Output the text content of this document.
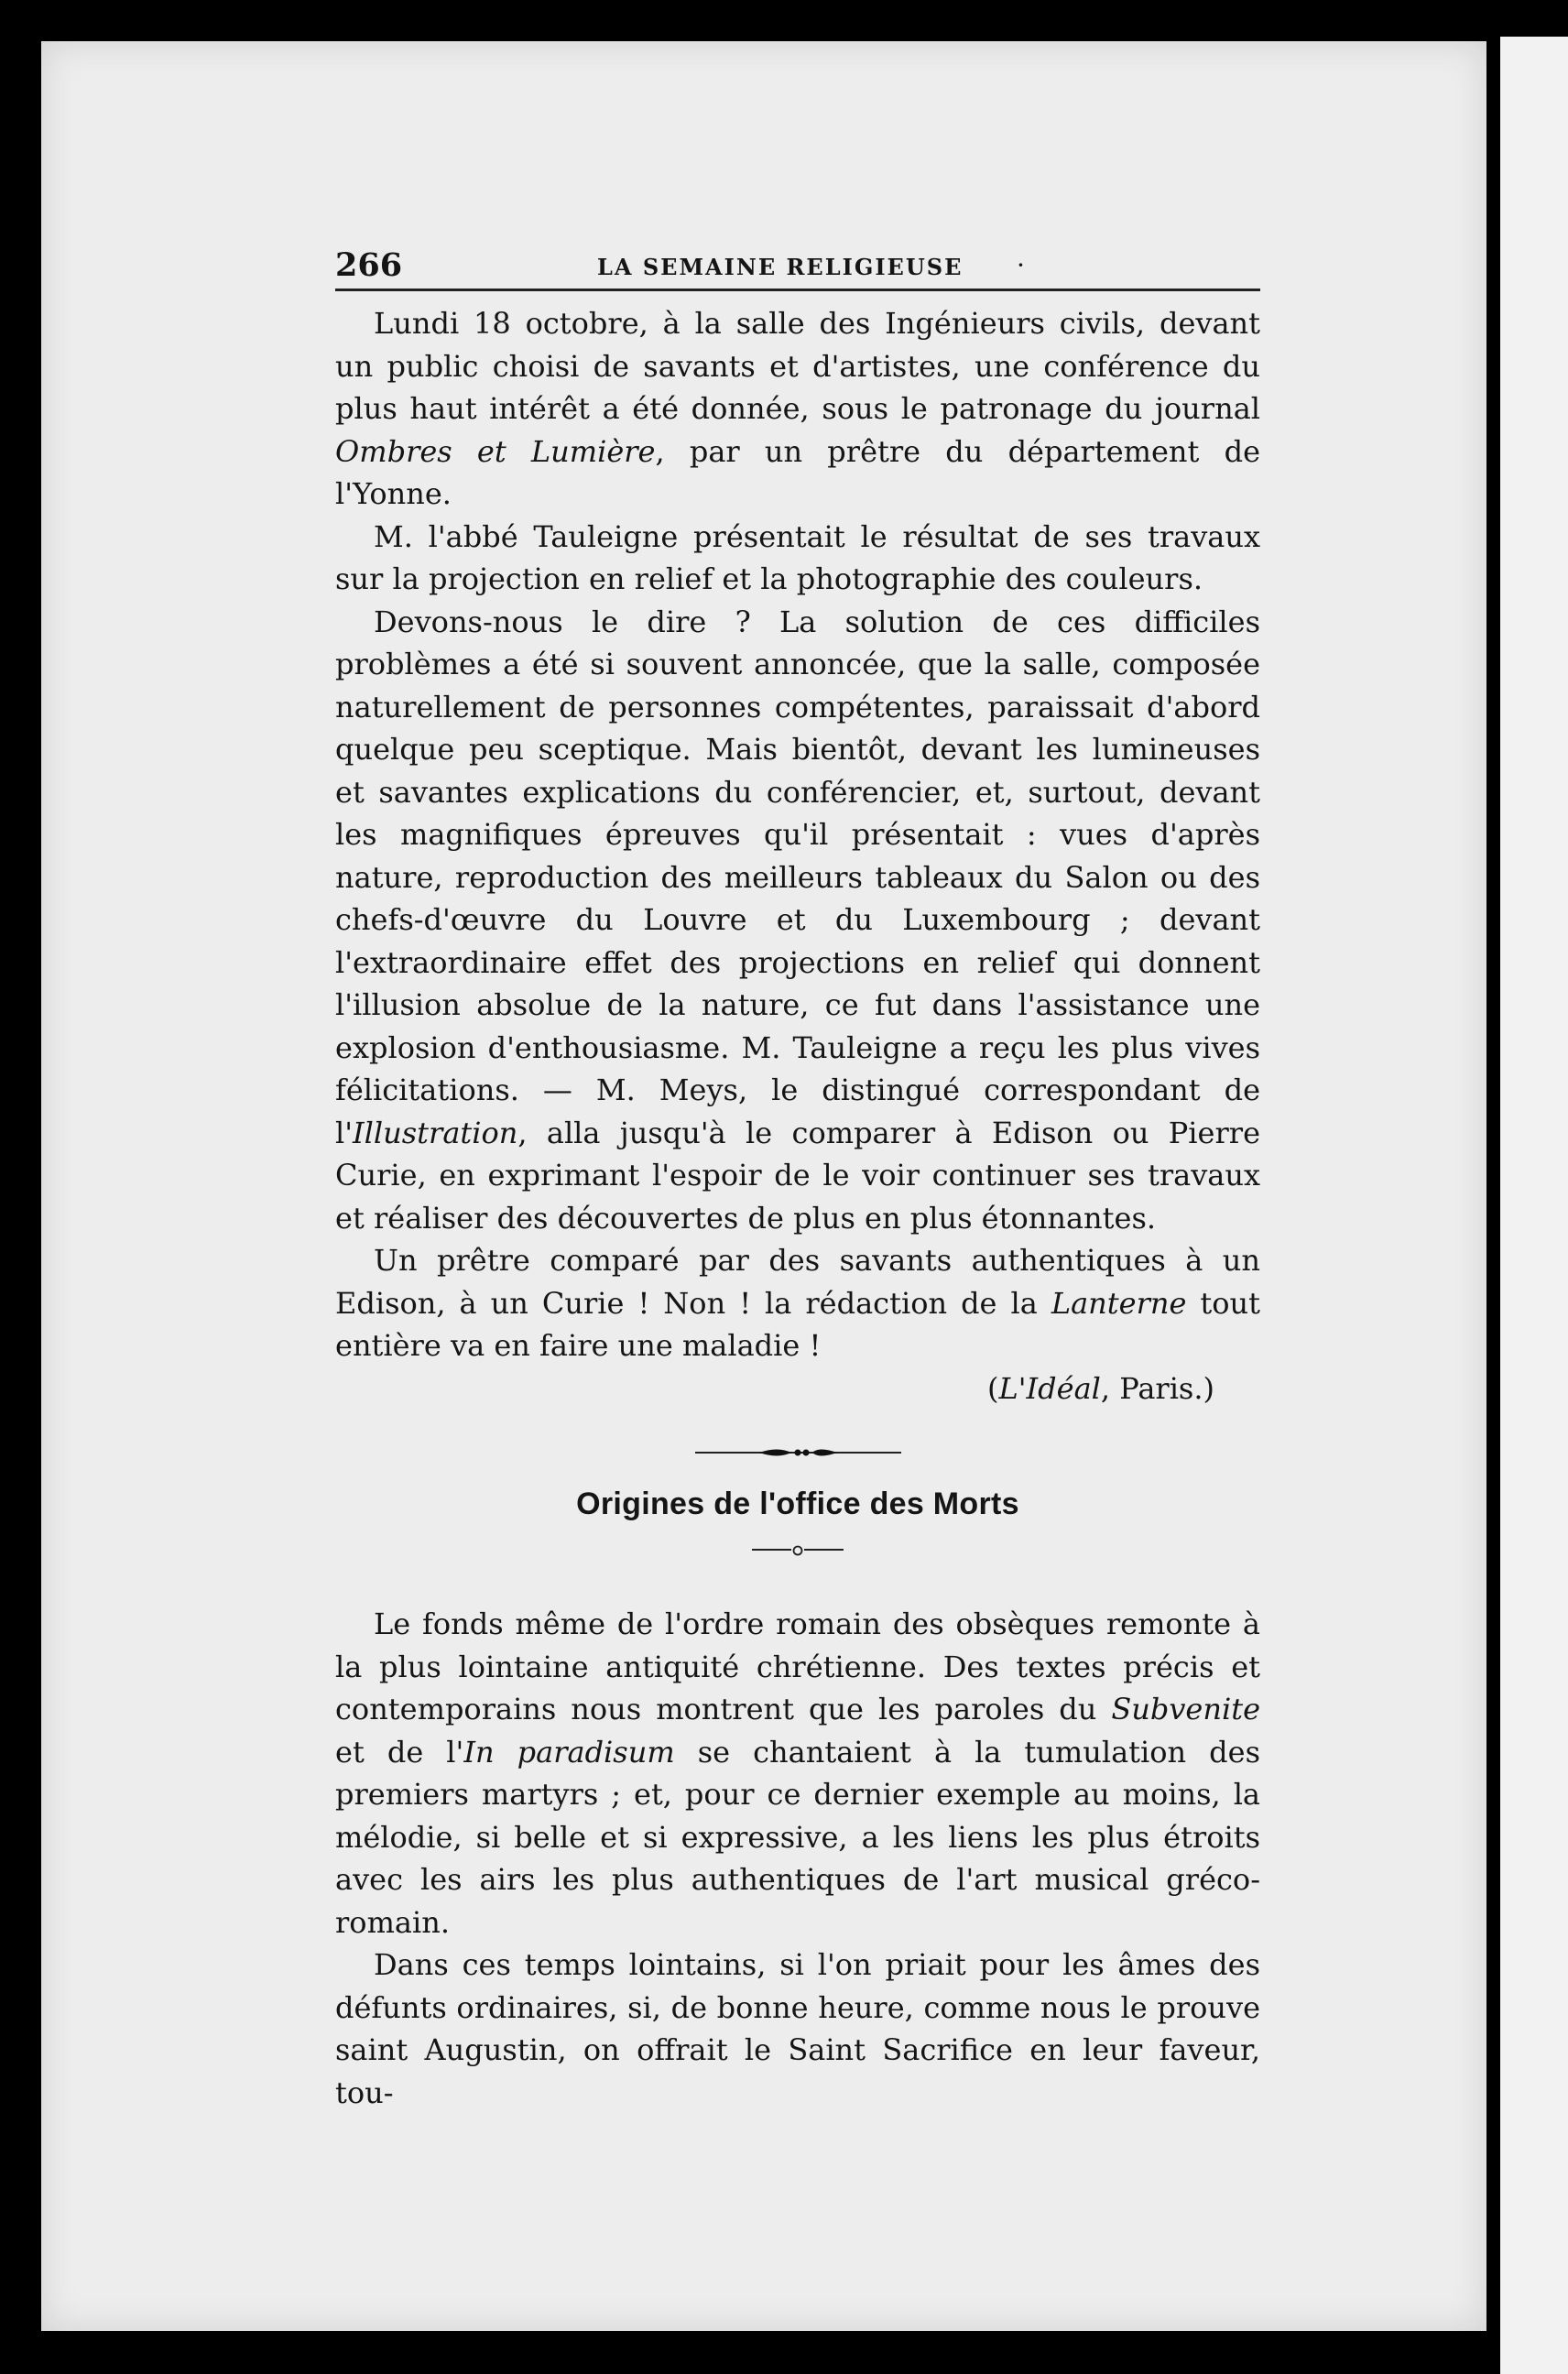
266	LA SEMAINE RELIGIEUSE ·

Lundi 18 octobre, à la salle des Ingénieurs civils, devant un public choisi de savants et d'artistes, une conférence du plus haut intérêt a été donnée, sous le patronage du journal Ombres et Lumière, par un prêtre du département de l'Yonne.

M. l'abbé Tauleigne présentait le résultat de ses travaux sur la projection en relief et la photographie des couleurs.

Devons-nous le dire ? La solution de ces difficiles problèmes a été si souvent annoncée, que la salle, composée naturellement de personnes compétentes, paraissait d'abord quelque peu sceptique. Mais bientôt, devant les lumineuses et savantes explications du conférencier, et, surtout, devant les magnifiques épreuves qu'il présentait : vues d'après nature, reproduction des meilleurs tableaux du Salon ou des chefs-d'œuvre du Louvre et du Luxembourg ; devant l'extraordinaire effet des projections en relief qui donnent l'illusion absolue de la nature, ce fut dans l'assistance une explosion d'enthousiasme. M. Tauleigne a reçu les plus vives félicitations. — M. Meys, le distingué correspondant de l'Illustration, alla jusqu'à le comparer à Edison ou Pierre Curie, en exprimant l'espoir de le voir continuer ses travaux et réaliser des découvertes de plus en plus étonnantes.

Un prêtre comparé par des savants authentiques à un Edison, à un Curie ! Non ! la rédaction de la Lanterne tout entière va en faire une maladie !

(L'Idéal, Paris.)
Origines de l'office des Morts

Le fonds même de l'ordre romain des obsèques remonte à la plus lointaine antiquité chrétienne. Des textes précis et contemporains nous montrent que les paroles du Subvenite et de l'In paradisum se chantaient à la tumulation des premiers martyrs ; et, pour ce dernier exemple au moins, la mélodie, si belle et si expressive, a les liens les plus étroits avec les airs les plus authentiques de l'art musical gréco-romain.

Dans ces temps lointains, si l'on priait pour les âmes des défunts ordinaires, si, de bonne heure, comme nous le prouve saint Augustin, on offrait le Saint Sacrifice en leur faveur, tou-
